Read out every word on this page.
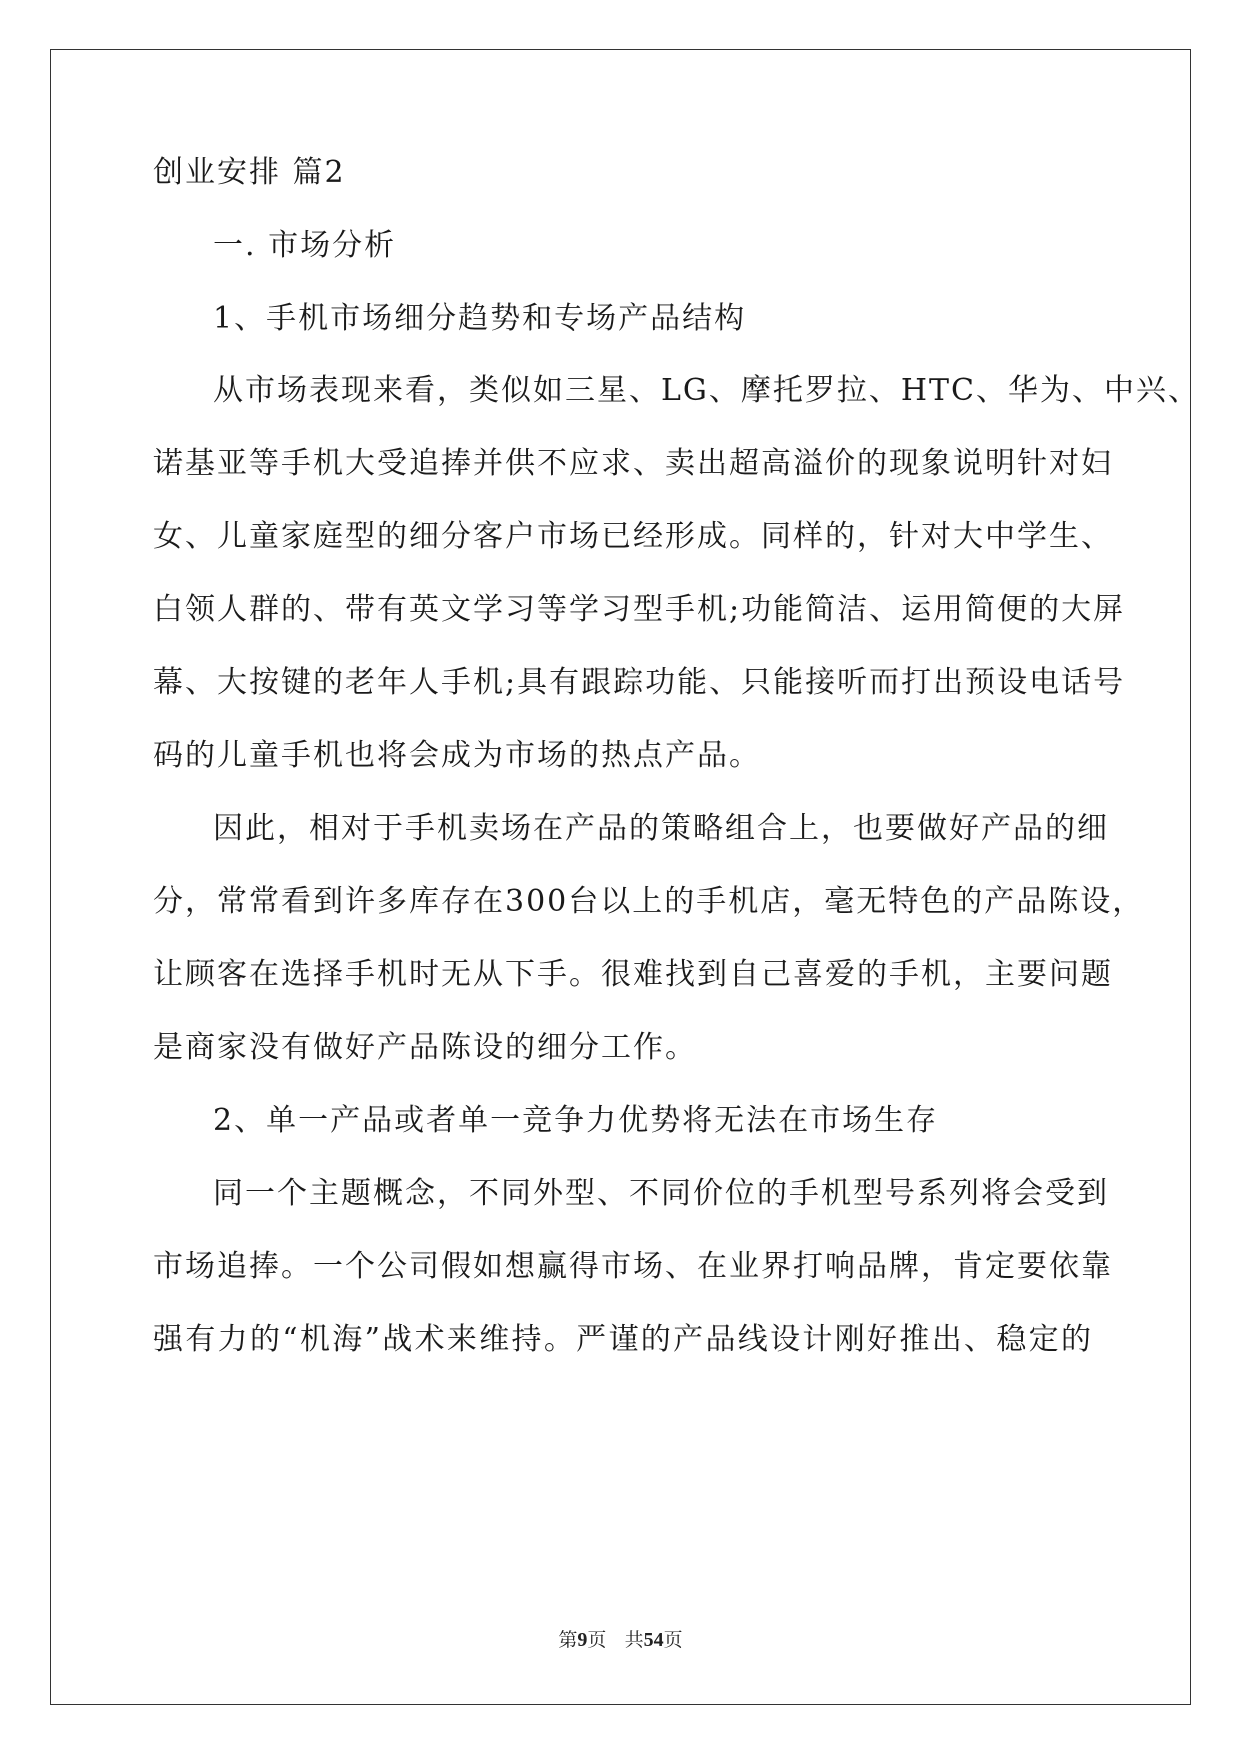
创业安排 篇2

一. 市场分析

1、手机市场细分趋势和专场产品结构

从市场表现来看，类似如三星、LG、摩托罗拉、HTC、华为、中兴、

诺基亚等手机大受追捧并供不应求、卖出超高溢价的现象说明针对妇

女、儿童家庭型的细分客户市场已经形成。同样的，针对大中学生、

白领人群的、带有英文学习等学习型手机;功能简洁、运用简便的大屏

幕、大按键的老年人手机;具有跟踪功能、只能接听而打出预设电话号

码的儿童手机也将会成为市场的热点产品。

因此，相对于手机卖场在产品的策略组合上，也要做好产品的细

分，常常看到许多库存在300台以上的手机店，毫无特色的产品陈设，

让顾客在选择手机时无从下手。很难找到自己喜爱的手机，主要问题

是商家没有做好产品陈设的细分工作。

2、单一产品或者单一竞争力优势将无法在市场生存

同一个主题概念，不同外型、不同价位的手机型号系列将会受到

市场追捧。一个公司假如想赢得市场、在业界打响品牌，肯定要依靠

强有力的“机海”战术来维持。严谨的产品线设计刚好推出、稳定的

第9页 共54页
